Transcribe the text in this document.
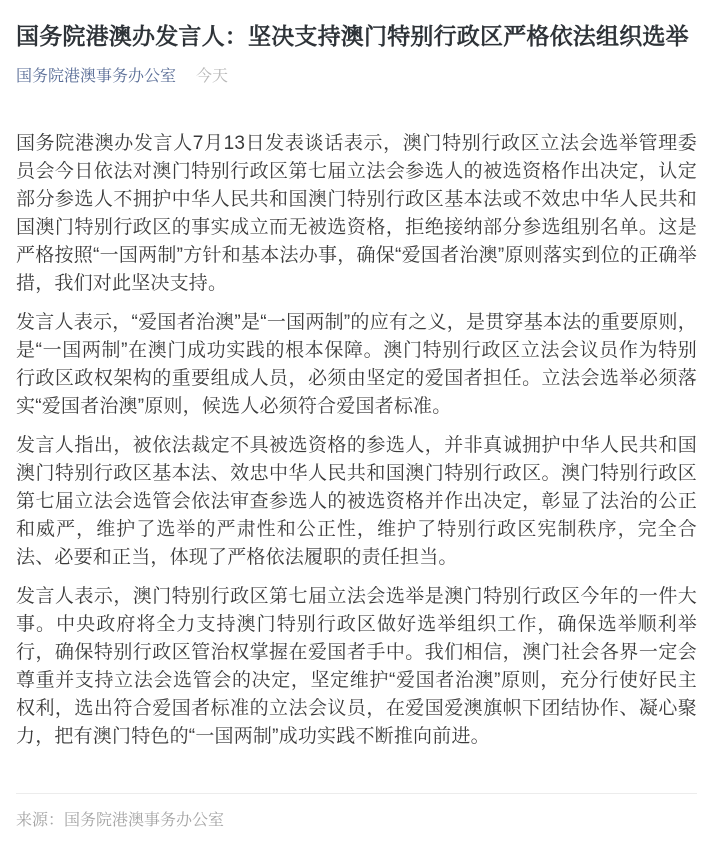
国务院港澳办发言人：坚决支持澳门特别行政区严格依法组织选举
国务院港澳事务办公室 今天

国务院港澳办发言人7月13日发表谈话表示，澳门特别行政区立法会选举管理委员会今日依法对澳门特别行政区第七届立法会参选人的被选资格作出决定，认定部分参选人不拥护中华人民共和国澳门特别行政区基本法或不效忠中华人民共和国澳门特别行政区的事实成立而无被选资格，拒绝接纳部分参选组别名单。这是严格按照“一国两制”方针和基本法办事，确保“爱国者治澳”原则落实到位的正确举措，我们对此坚决支持。

发言人表示，“爱国者治澳”是“一国两制”的应有之义，是贯穿基本法的重要原则，是“一国两制”在澳门成功实践的根本保障。澳门特别行政区立法会议员作为特别行政区政权架构的重要组成人员，必须由坚定的爱国者担任。立法会选举必须落实“爱国者治澳”原则，候选人必须符合爱国者标准。

发言人指出，被依法裁定不具被选资格的参选人，并非真诚拥护中华人民共和国澳门特别行政区基本法、效忠中华人民共和国澳门特别行政区。澳门特别行政区第七届立法会选管会依法审查参选人的被选资格并作出决定，彰显了法治的公正和威严，维护了选举的严肃性和公正性，维护了特别行政区宪制秩序，完全合法、必要和正当，体现了严格依法履职的责任担当。

发言人表示，澳门特别行政区第七届立法会选举是澳门特别行政区今年的一件大事。中央政府将全力支持澳门特别行政区做好选举组织工作，确保选举顺利举行，确保特别行政区管治权掌握在爱国者手中。我们相信，澳门社会各界一定会尊重并支持立法会选管会的决定，坚定维护“爱国者治澳”原则，充分行使好民主权利，选出符合爱国者标准的立法会议员，在爱国爱澳旗帜下团结协作、凝心聚力，把有澳门特色的“一国两制”成功实践不断推向前进。

来源：国务院港澳事务办公室
